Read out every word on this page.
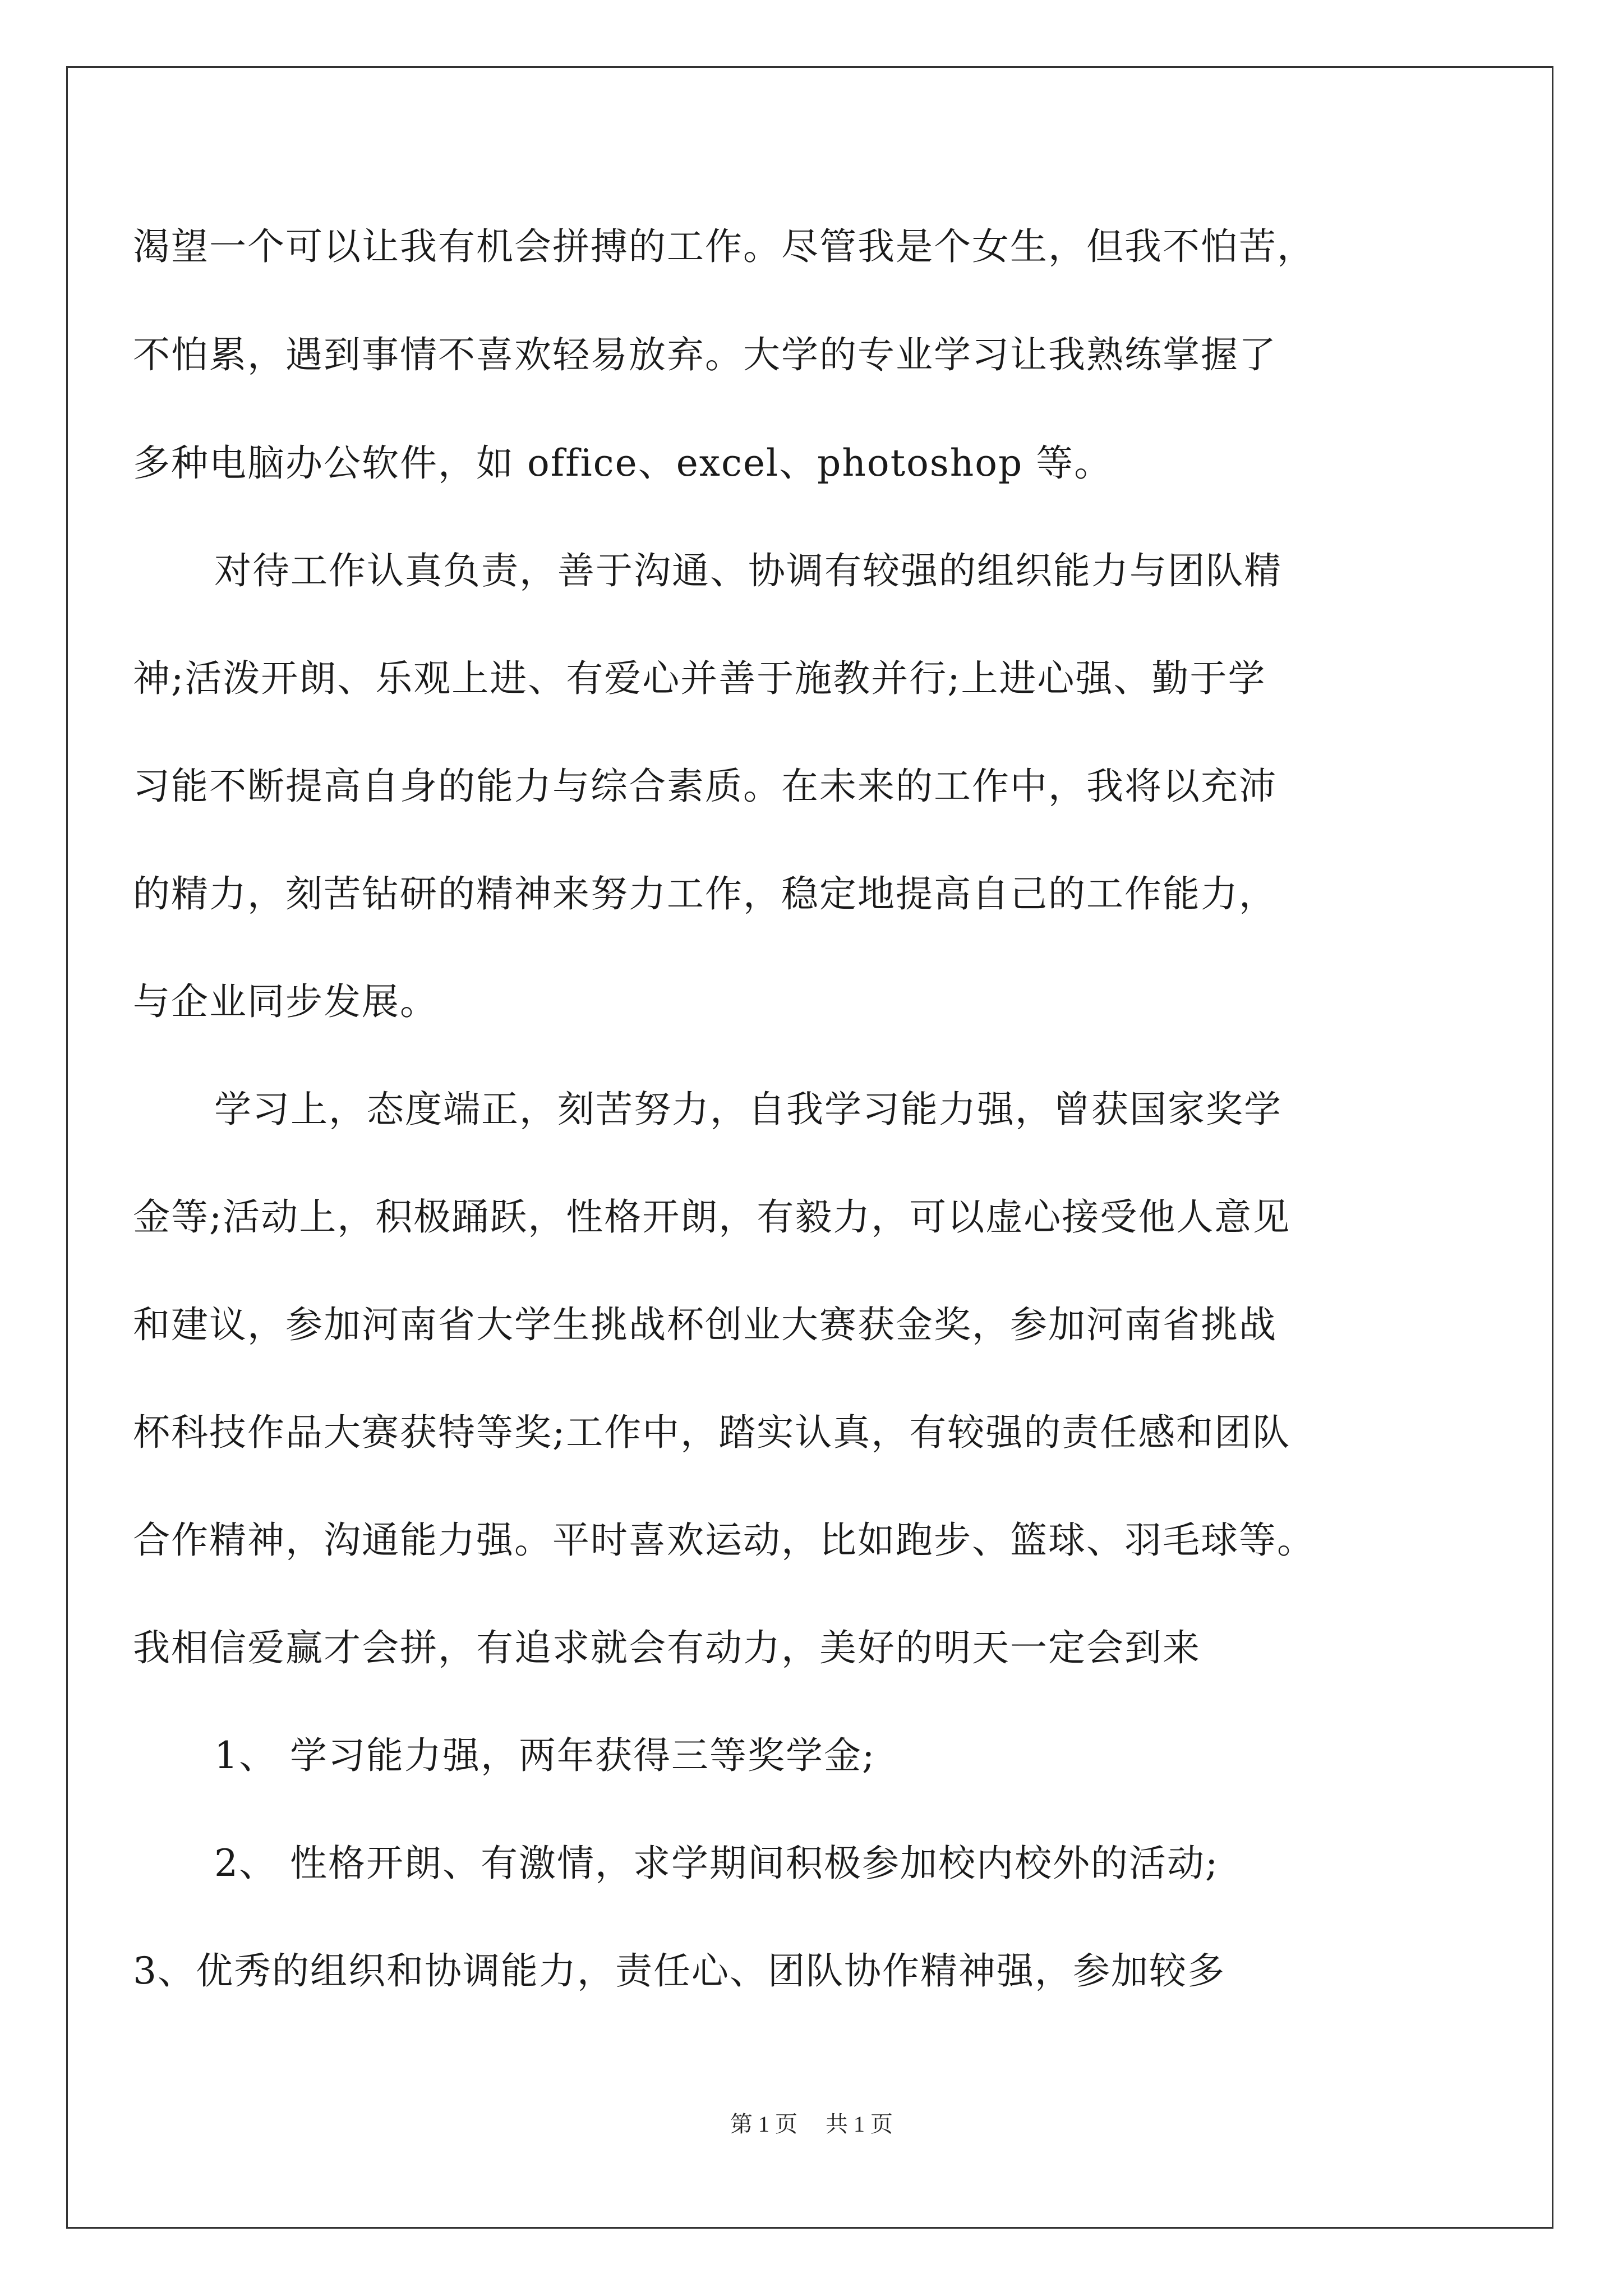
渴望一个可以让我有机会拼搏的工作。尽管我是个女生，但我不怕苦，
不怕累，遇到事情不喜欢轻易放弃。大学的专业学习让我熟练掌握了
多种电脑办公软件，如 office、excel、photoshop 等。
对待工作认真负责，善于沟通、协调有较强的组织能力与团队精
神;活泼开朗、乐观上进、有爱心并善于施教并行;上进心强、勤于学
习能不断提高自身的能力与综合素质。在未来的工作中，我将以充沛
的精力，刻苦钻研的精神来努力工作，稳定地提高自己的工作能力，
与企业同步发展。
学习上，态度端正，刻苦努力，自我学习能力强，曾获国家奖学
金等;活动上，积极踊跃，性格开朗，有毅力，可以虚心接受他人意见
和建议，参加河南省大学生挑战杯创业大赛获金奖，参加河南省挑战
杯科技作品大赛获特等奖;工作中，踏实认真，有较强的责任感和团队
合作精神，沟通能力强。平时喜欢运动，比如跑步、篮球、羽毛球等。
我相信爱赢才会拼，有追求就会有动力，美好的明天一定会到来
1、 学习能力强，两年获得三等奖学金;
2、 性格开朗、有激情，求学期间积极参加校内校外的活动;
3、优秀的组织和协调能力，责任心、团队协作精神强，参加较多
第 1 页 共 1 页
